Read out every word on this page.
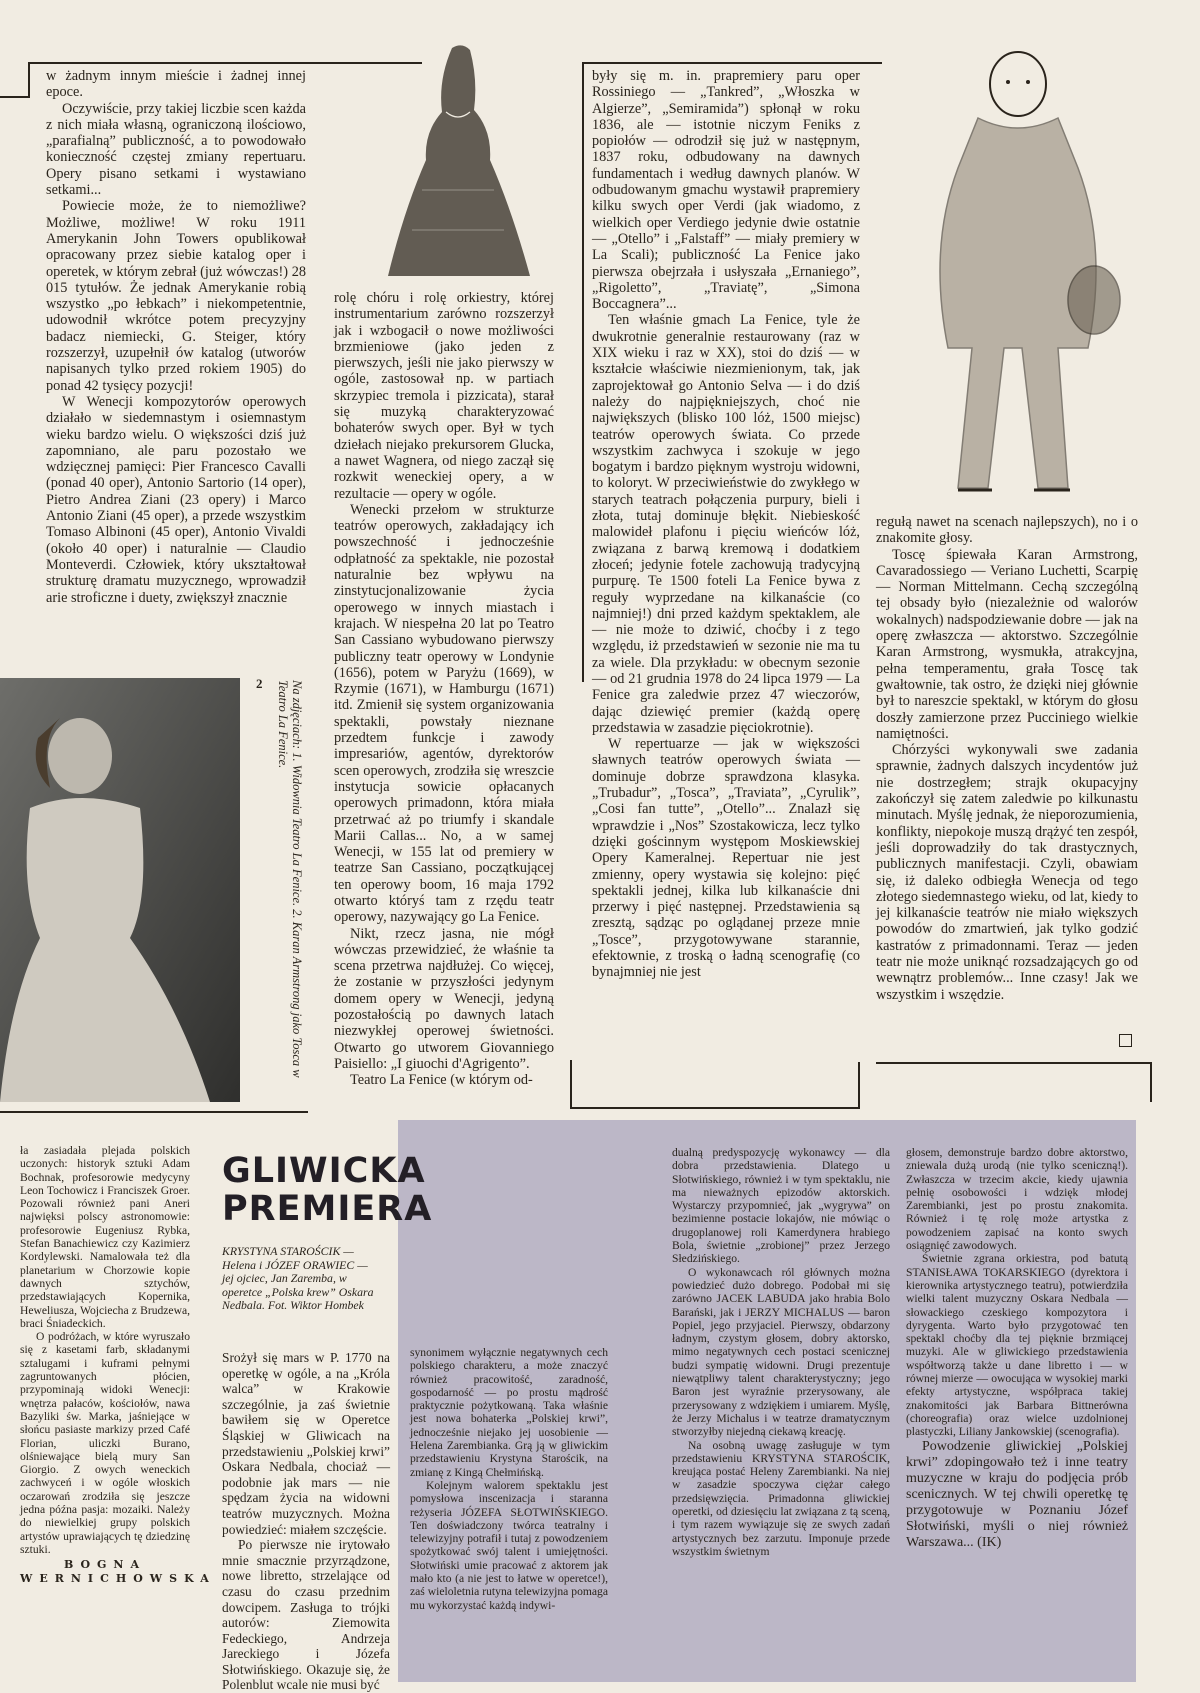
w żadnym innym mieście i żadnej innej epoce.

Oczywiście, przy takiej liczbie scen każda z nich miała własną, ograniczoną ilościowo, „parafialną” publiczność, a to powodowało konieczność częstej zmiany repertuaru. Opery pisano setkami i wystawiano setkami...

Powiecie może, że to niemożliwe? Możliwe, możliwe! W roku 1911 Amerykanin John Towers opublikował opracowany przez siebie katalog oper i operetek, w którym zebrał (już wówczas!) 28 015 tytułów. Że jednak Amerykanie robią wszystko „po łebkach” i niekompetentnie, udowodnił wkrótce potem precyzyjny badacz niemiecki, G. Steiger, który rozszerzył, uzupełnił ów katalog (utworów napisanych tylko przed rokiem 1905) do ponad 42 tysięcy pozycji!

W Wenecji kompozytorów operowych działało w siedemnastym i osiemnastym wieku bardzo wielu. O większości dziś już zapomniano, ale paru pozostało we wdzięcznej pamięci: Pier Francesco Cavalli (ponad 40 oper), Antonio Sartorio (14 oper), Pietro Andrea Ziani (23 opery) i Marco Antonio Ziani (45 oper), a przede wszystkim Tomaso Albinoni (45 oper), Antonio Vivaldi (około 40 oper) i naturalnie — Claudio Monteverdi. Człowiek, który ukształtował strukturę dramatu muzycznego, wprowadził arie stroficzne i duety, zwiększył znacznie

rolę chóru i rolę orkiestry, której instrumentarium zarówno rozszerzył jak i wzbogacił o nowe możliwości brzmieniowe (jako jeden z pierwszych, jeśli nie jako pierwszy w ogóle, zastosował np. w partiach skrzypiec tremola i pizzicata), starał się muzyką charakteryzować bohaterów swych oper. Był w tych dziełach niejako prekursorem Glucka, a nawet Wagnera, od niego zaczął się rozkwit weneckiej opery, a w rezultacie — opery w ogóle.

Wenecki przełom w strukturze teatrów operowych, zakładający ich powszechność i jednocześnie odpłatność za spektakle, nie pozostał naturalnie bez wpływu na zinstytucjonalizowanie życia operowego w innych miastach i krajach. W niespełna 20 lat po Teatro San Cassiano wybudowano pierwszy publiczny teatr operowy w Londynie (1656), potem w Paryżu (1669), w Rzymie (1671), w Hamburgu (1671) itd. Zmienił się system organizowania spektakli, powstały nieznane przedtem funkcje i zawody impresariów, agentów, dyrektorów scen operowych, zrodziła się wreszcie instytucja sowicie opłacanych operowych primadonn, która miała przetrwać aż po triumfy i skandale Marii Callas... No, a w samej Wenecji, w 155 lat od premiery w teatrze San Cassiano, początkującej ten operowy boom, 16 maja 1792 otwarto któryś tam z rzędu teatr operowy, nazywający go La Fenice.

Nikt, rzecz jasna, nie mógł wówczas przewidzieć, że właśnie ta scena przetrwa najdłużej. Co więcej, że zostanie w przyszłości jedynym domem opery w Wenecji, jedyną pozostałością po dawnych latach niezwykłej operowej świetności. Otwarto go utworem Giovanniego Paisiello: „I giuochi d'Agrigento”.

Teatro La Fenice (w którym od-

były się m. in. prapremiery paru oper Rossiniego — „Tankred”, „Włoszka w Algierze”, „Semiramida”) spłonął w roku 1836, ale — istotnie niczym Feniks z popiołów — odrodził się już w następnym, 1837 roku, odbudowany na dawnych fundamentach i według dawnych planów. W odbudowanym gmachu wystawił prapremiery kilku swych oper Verdi (jak wiadomo, z wielkich oper Verdiego jedynie dwie ostatnie — „Otello” i „Falstaff” — miały premiery w La Scali); publiczność La Fenice jako pierwsza obejrzała i usłyszała „Ernaniego”, „Rigoletto”, „Traviatę”, „Simona Boccagnera”...

Ten właśnie gmach La Fenice, tyle że dwukrotnie generalnie restaurowany (raz w XIX wieku i raz w XX), stoi do dziś — w kształcie właściwie niezmienionym, tak, jak zaprojektował go Antonio Selva — i do dziś należy do najpiękniejszych, choć nie największych (blisko 100 lóż, 1500 miejsc) teatrów operowych świata. Co przede wszystkim zachwyca i szokuje w jego bogatym i bardzo pięknym wystroju widowni, to koloryt. W przeciwieństwie do zwykłego w starych teatrach połączenia purpury, bieli i złota, tutaj dominuje błękit. Niebieskość malowideł plafonu i pięciu wieńców lóż, związana z barwą kremową i dodatkiem złoceń; jedynie fotele zachowują tradycyjną purpurę. Te 1500 foteli La Fenice bywa z reguły wyprzedane na kilkanaście (co najmniej!) dni przed każdym spektaklem, ale — nie może to dziwić, choćby i z tego względu, iż przedstawień w sezonie nie ma tu za wiele. Dla przykładu: w obecnym sezonie — od 21 grudnia 1978 do 24 lipca 1979 — La Fenice gra zaledwie przez 47 wieczorów, dając dziewięć premier (każdą operę przedstawia w zasadzie pięciokrotnie).

W repertuarze — jak w większości sławnych teatrów operowych świata — dominuje dobrze sprawdzona klasyka. „Trubadur”, „Tosca”, „Traviata”, „Cyrulik”, „Cosi fan tutte”, „Otello”... Znalazł się wprawdzie i „Nos” Szostakowicza, lecz tylko dzięki gościnnym występom Moskiewskiej Opery Kameralnej. Repertuar nie jest zmienny, opery wystawia się kolejno: pięć spektakli jednej, kilka lub kilkanaście dni przerwy i pięć następnej. Przedstawienia są zresztą, sądząc po oglądanej przeze mnie „Tosce”, przygotowywane starannie, efektownie, z troską o ładną scenografię (co bynajmniej nie jest

regułą nawet na scenach najlepszych), no i o znakomite głosy.

Toscę śpiewała Karan Armstrong, Cavaradossiego — Veriano Luchetti, Scarpię — Norman Mittelmann. Cechą szczególną tej obsady było (niezależnie od walorów wokalnych) nadspodziewanie dobre — jak na operę zwłaszcza — aktorstwo. Szczególnie Karan Armstrong, wysmukła, atrakcyjna, pełna temperamentu, grała Toscę tak gwałtownie, tak ostro, że dzięki niej głównie był to nareszcie spektakl, w którym do głosu doszły zamierzone przez Pucciniego wielkie namiętności.

Chórzyści wykonywali swe zadania sprawnie, żadnych dalszych incydentów już nie dostrzegłem; strajk okupacyjny zakończył się zatem zaledwie po kilkunastu minutach. Myślę jednak, że nieporozumienia, konflikty, niepokoje muszą drążyć ten zespół, jeśli doprowadziły do tak drastycznych, publicznych manifestacji. Czyli, obawiam się, iż daleko odbiegła Wenecja od tego złotego siedemnastego wieku, od lat, kiedy to jej kilkanaście teatrów nie miało większych powodów do zmartwień, jak tylko godzić kastratów z primadonnami. Teraz — jeden teatr nie może uniknąć rozsadzających go od wewnątrz problemów... Inne czasy! Jak we wszystkim i wszędzie.

2	Na zdjęciach: 1. Widownia Teatro La Fenice. 2. Karan Armstrong jako Tosca w Teatro La Fenice.

ła zasiadała plejada polskich uczonych: historyk sztuki Adam Bochnak, profesorowie medycyny Leon Tochowicz i Franciszek Groer. Pozowali również pani Aneri najwięksi polscy astronomowie: profesorowie Eugeniusz Rybka, Stefan Banachiewicz czy Kazimierz Kordylewski. Namalowała też dla planetarium w Chorzowie kopie dawnych sztychów, przedstawiających Kopernika, Heweliusza, Wojciecha z Brudzewa, braci Śniadeckich.

O podróżach, w które wyruszało się z kasetami farb, składanymi sztalugami i kuframi pełnymi zagruntowanych płócien, przypominają widoki Wenecji: wnętrza pałaców, kościołów, nawa Bazyliki św. Marka, jaśniejące w słońcu pasiaste markizy przed Café Florian, uliczki Burano, olśniewające bielą mury San Giorgio. Z owych weneckich zachwyceń i w ogóle włoskich oczarowań zrodziła się jeszcze jedna późna pasja: mozaiki. Należy do niewielkiej grupy polskich artystów uprawiających tę dziedzinę sztuki.

BOGNA WERNICHOWSKA
GLIWICKA
PREMIERA
KRYSTYNA STAROŚCIK — Helena i JÓZEF ORAWIEC — jej ojciec, Jan Zaremba, w operetce „Polska krew” Oskara Nedbala. Fot. Wiktor Hombek

Srożył się mars w P. 1770 na operetkę w ogóle, a na „Króla walca” w Krakowie szczególnie, ja zaś świetnie bawiłem się w Operetce Śląskiej w Gliwicach na przedstawieniu „Polskiej krwi” Oskara Nedbala, chociaż — podobnie jak mars — nie spędzam życia na widowni teatrów muzycznych. Można powiedzieć: miałem szczęście.

Po pierwsze nie irytowało mnie smacznie przyrządzone, nowe libretto, strzelające od czasu do czasu przednim dowcipem. Zasługa to trójki autorów: Ziemowita Fedeckiego, Andrzeja Jareckiego i Józefa Słotwińskiego. Okazuje się, że Polenblut wcale nie musi być

synonimem wyłącznie negatywnych cech polskiego charakteru, a może znaczyć również pracowitość, zaradność, gospodarność — po prostu mądrość praktycznie pożytkowaną. Taka właśnie jest nowa bohaterka „Polskiej krwi”, jednocześnie niejako jej uosobienie — Helena Zarembianka. Grą ją w gliwickim przedstawieniu Krystyna Starościk, na zmianę z Kingą Chełmińską.

Kolejnym walorem spektaklu jest pomysłowa inscenizacja i staranna reżyseria JÓZEFA SŁOTWIŃSKIEGO. Ten doświadczony twórca teatralny i telewizyjny potrafił i tutaj z powodzeniem spożytkować swój talent i umiejętności. Słotwiński umie pracować z aktorem jak mało kto (a nie jest to łatwe w operetce!), zaś wieloletnia rutyna telewizyjna pomaga mu wykorzystać każdą indywi-

dualną predyspozycję wykonawcy — dla dobra przedstawienia. Dlatego u Słotwińskiego, również i w tym spektaklu, nie ma nieważnych epizodów aktorskich. Wystarczy przypomnieć, jak „wygrywa” on bezimienne postacie lokajów, nie mówiąc o drugoplanowej roli Kamerdynera hrabiego Bola, świetnie „zrobionej” przez Jerzego Słedzińskiego.

O wykonawcach ról głównych można powiedzieć dużo dobrego. Podobał mi się zarówno JACEK LABUDA jako hrabia Bolo Barański, jak i JERZY MICHALUS — baron Popiel, jego przyjaciel. Pierwszy, obdarzony ładnym, czystym głosem, dobry aktorsko, mimo negatywnych cech postaci scenicznej budzi sympatię widowni. Drugi prezentuje niewątpliwy talent charakterystyczny; jego Baron jest wyraźnie przerysowany, ale przerysowany z wdziękiem i umiarem. Myślę, że Jerzy Michalus i w teatrze dramatycznym stworzyłby niejedną ciekawą kreację.

Na osobną uwagę zasługuje w tym przedstawieniu KRYSTYNA STAROŚCIK, kreująca postać Heleny Zarembianki. Na niej w zasadzie spoczywa ciężar całego przedsięwzięcia. Primadonna gliwickiej operetki, od dziesięciu lat związana z tą sceną, i tym razem wywiązuje się ze swych zadań artystycznych bez zarzutu. Imponuje przede wszystkim świetnym

głosem, demonstruje bardzo dobre aktorstwo, zniewala dużą urodą (nie tylko sceniczną!). Zwłaszcza w trzecim akcie, kiedy ujawnia pełnię osobowości i wdzięk młodej Zarembianki, jest po prostu znakomita. Również i tę rolę może artystka z powodzeniem zapisać na konto swych osiągnięć zawodowych.

Świetnie zgrana orkiestra, pod batutą STANISŁAWA TOKARSKIEGO (dyrektora i kierownika artystycznego teatru), potwierdziła wielki talent muzyczny Oskara Nedbala — słowackiego czeskiego kompozytora i dyrygenta. Warto było przygotować ten spektakl choćby dla tej pięknie brzmiącej muzyki. Ale w gliwickiego przedstawienia współtworzą także u dane libretto i — w równej mierze — owocująca w wysokiej marki efekty artystyczne, współpraca takiej znakomitości jak Barbara Bittnerówna (choreografia) oraz wielce uzdolnionej plastyczki, Liliany Jankowskiej (scenografia).

Powodzenie gliwickiej „Polskiej krwi” zdopingowało też i inne teatry muzyczne w kraju do podjęcia prób scenicznych. W tej chwili operetkę tę przygotowuje w Poznaniu Józef Słotwiński, myśli o niej również Warszawa... (IK)
